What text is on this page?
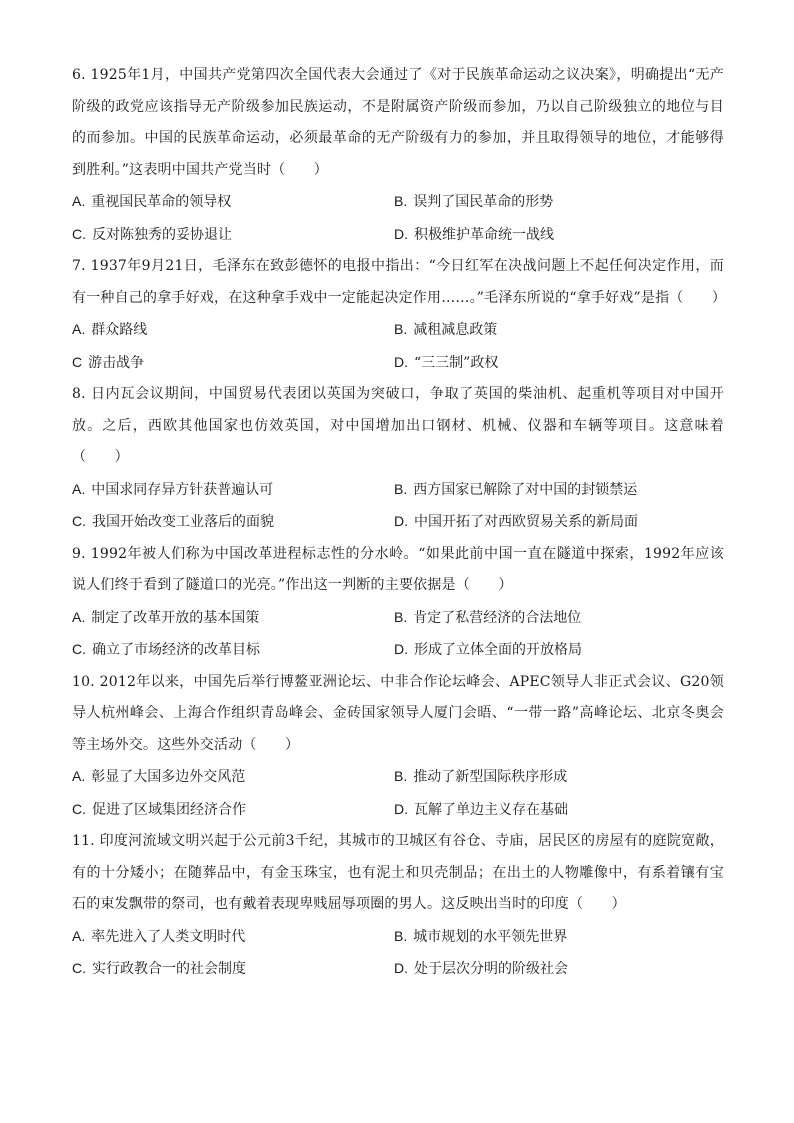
6. 1925年1月，中国共产党第四次全国代表大会通过了《对于民族革命运动之议决案》，明确提出“无产阶级的政党应该指导无产阶级参加民族运动，不是附属资产阶级而参加，乃以自己阶级独立的地位与目的而参加。中国的民族革命运动，必须最革命的无产阶级有力的参加，并且取得领导的地位，才能够得到胜利。”这表明中国共产党当时（　　）

A. 重视国民革命的领导权	B. 误判了国民革命的形势
C. 反对陈独秀的妥协退让	D. 积极维护革命统一战线

7. 1937年9月21日，毛泽东在致彭德怀的电报中指出：“今日红军在决战问题上不起任何决定作用，而有一种自己的拿手好戏，在这种拿手戏中一定能起决定作用……。”毛泽东所说的“拿手好戏”是指（　　）

A. 群众路线	B. 减租减息政策
C 游击战争	D. “三三制”政权

8. 日内瓦会议期间，中国贸易代表团以英国为突破口，争取了英国的柴油机、起重机等项目对中国开放。之后，西欧其他国家也仿效英国，对中国增加出口钢材、机械、仪器和车辆等项目。这意味着（　　）

A. 中国求同存异方针获普遍认可	B. 西方国家已解除了对中国的封锁禁运
C. 我国开始改变工业落后的面貌	D. 中国开拓了对西欧贸易关系的新局面

9. 1992年被人们称为中国改革进程标志性的分水岭。“如果此前中国一直在隧道中探索，1992年应该说人们终于看到了隧道口的光亮。”作出这一判断的主要依据是（　　）

A. 制定了改革开放的基本国策	B. 肯定了私营经济的合法地位
C. 确立了市场经济的改革目标	D. 形成了立体全面的开放格局

10. 2012年以来，中国先后举行博鳌亚洲论坛、中非合作论坛峰会、APEC领导人非正式会议、G20领导人杭州峰会、上海合作组织青岛峰会、金砖国家领导人厦门会晤、“一带一路”高峰论坛、北京冬奥会等主场外交。这些外交活动（　　）

A. 彰显了大国多边外交风范	B. 推动了新型国际秩序形成
C. 促进了区域集团经济合作	D. 瓦解了单边主义存在基础

11. 印度河流域文明兴起于公元前3千纪，其城市的卫城区有谷仓、寺庙，居民区的房屋有的庭院宽敞，有的十分矮小；在随葬品中，有金玉珠宝，也有泥土和贝壳制品；在出土的人物雕像中，有系着镶有宝石的束发飘带的祭司，也有戴着表现卑贱屈辱项圈的男人。这反映出当时的印度（　　）

A. 率先进入了人类文明时代	B. 城市规划的水平领先世界
C. 实行政教合一的社会制度	D. 处于层次分明的阶级社会
